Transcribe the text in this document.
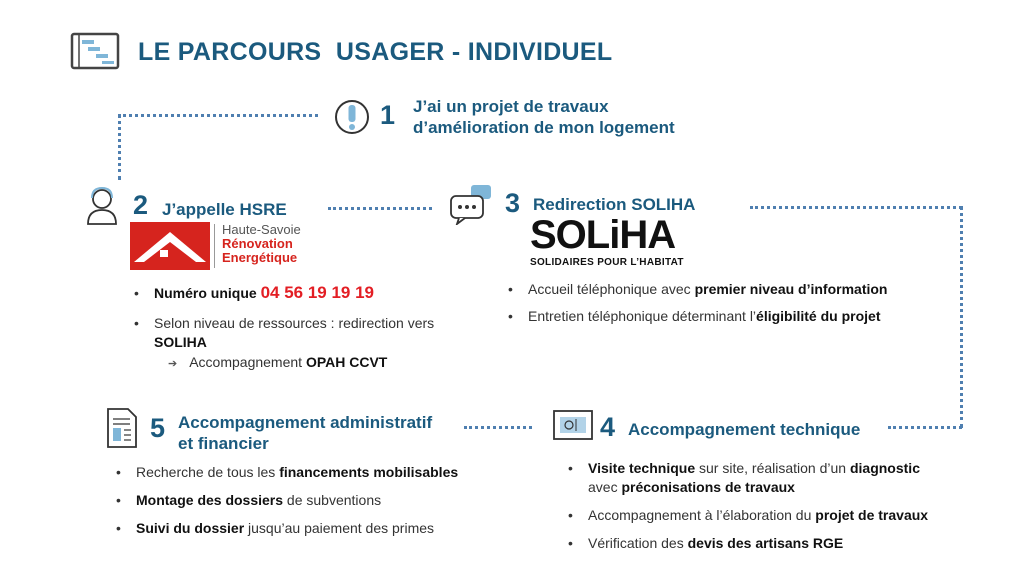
LE PARCOURS  USAGER - INDIVIDUEL
1 J’ai un projet de travaux
d’amélioration de mon logement
2 J’appelle HSRE
Haute-Savoie
Rénovation
Energétique
• Numéro unique 04 56 19 19 19
• Selon niveau de ressources : redirection vers
SOLIHA
➔ Accompagnement OPAH CCVT
3 Redirection SOLIHA
SOLiHA
SOLIDAIRES POUR L’HABITAT
• Accueil téléphonique avec premier niveau d’information
• Entretien téléphonique déterminant l’éligibilité du projet
4 Accompagnement technique
• Visite technique sur site, réalisation d’un diagnostic
avec préconisations de travaux
• Accompagnement à l’élaboration du projet de travaux
• Vérification des devis des artisans RGE
5 Accompagnement administratif
et financier
• Recherche de tous les financements mobilisables
• Montage des dossiers de subventions
• Suivi du dossier jusqu’au paiement des primes
